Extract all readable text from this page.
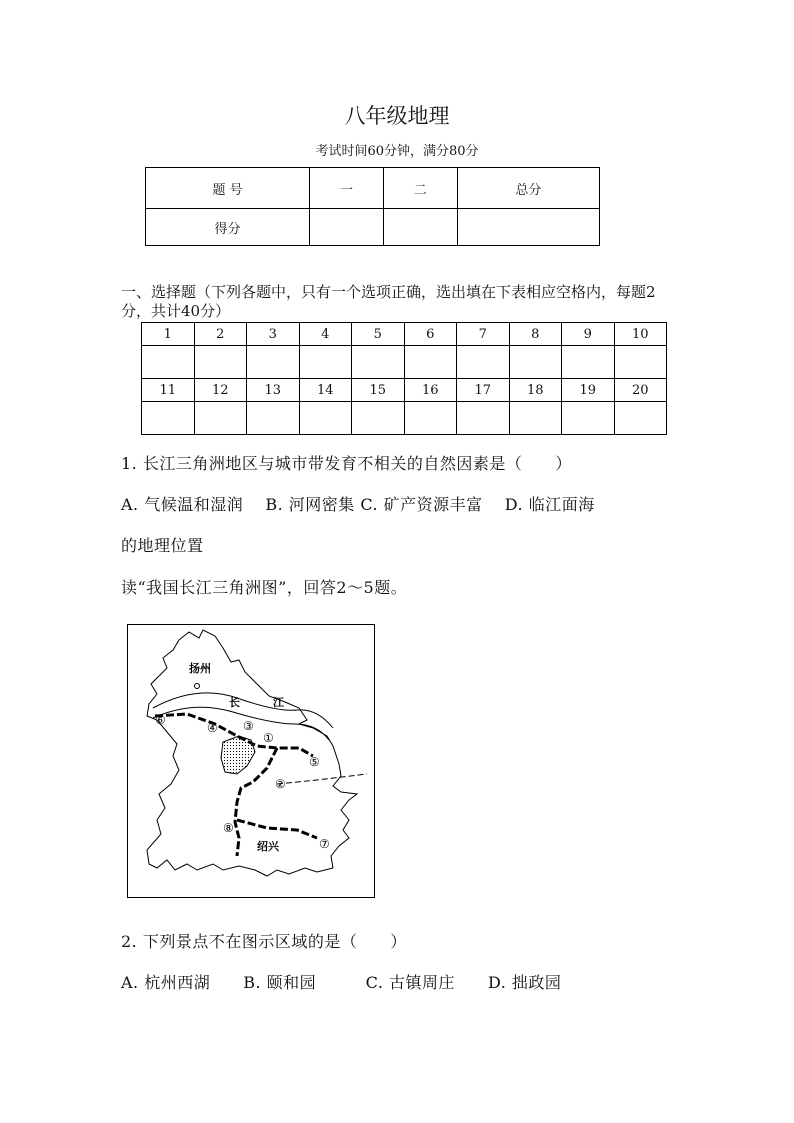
八年级地理
考试时间60分钟，满分80分
题 号	一	二	总分
得分			
一、选择题（下列各题中，只有一个选项正确，选出填在下表相应空格内，每题2分，共计40分）
1	2	3	4	5	6	7	8	9	10

11	12	13	14	15	16	17	18	19	20

1. 长江三角洲地区与城市带发育不相关的自然因素是（　　）
A. 气候温和湿润　 B. 河网密集 C. 矿产资源丰富　 D. 临江面海
的地理位置
读“我国长江三角洲图”，回答2～5题。
扬州
长	江
绍兴
①
②
③
④
⑤
⑥
⑦
⑧
2. 下列景点不在图示区域的是（　　）
A. 杭州西湖　　B. 颐和园　　　C. 古镇周庄　　D. 拙政园
